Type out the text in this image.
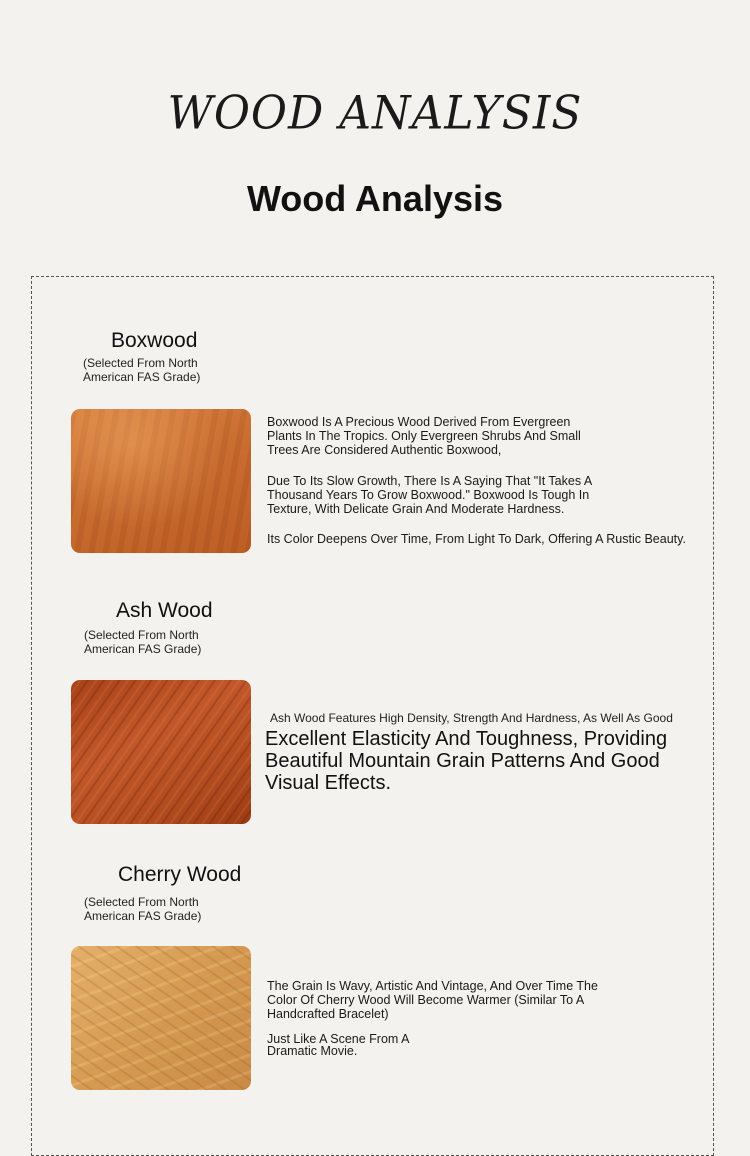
WOOD ANALYSIS
Wood Analysis
Boxwood
(Selected From North American FAS Grade)

Boxwood Is A Precious Wood Derived From Evergreen Plants In The Tropics. Only Evergreen Shrubs And Small Trees Are Considered Authentic Boxwood,

Due To Its Slow Growth, There Is A Saying That "It Takes A Thousand Years To Grow Boxwood." Boxwood Is Tough In Texture, With Delicate Grain And Moderate Hardness.

Its Color Deepens Over Time, From Light To Dark, Offering A Rustic Beauty.

Ash Wood
(Selected From North American FAS Grade)
Ash Wood Features High Density, Strength And Hardness, As Well As Good
Excellent Elasticity And Toughness, Providing Beautiful Mountain Grain Patterns And Good Visual Effects.
Cherry Wood
(Selected From North American FAS Grade)

The Grain Is Wavy, Artistic And Vintage, And Over Time The Color Of Cherry Wood Will Become Warmer (Similar To A Handcrafted Bracelet)

Just Like A Scene From A Dramatic Movie.
